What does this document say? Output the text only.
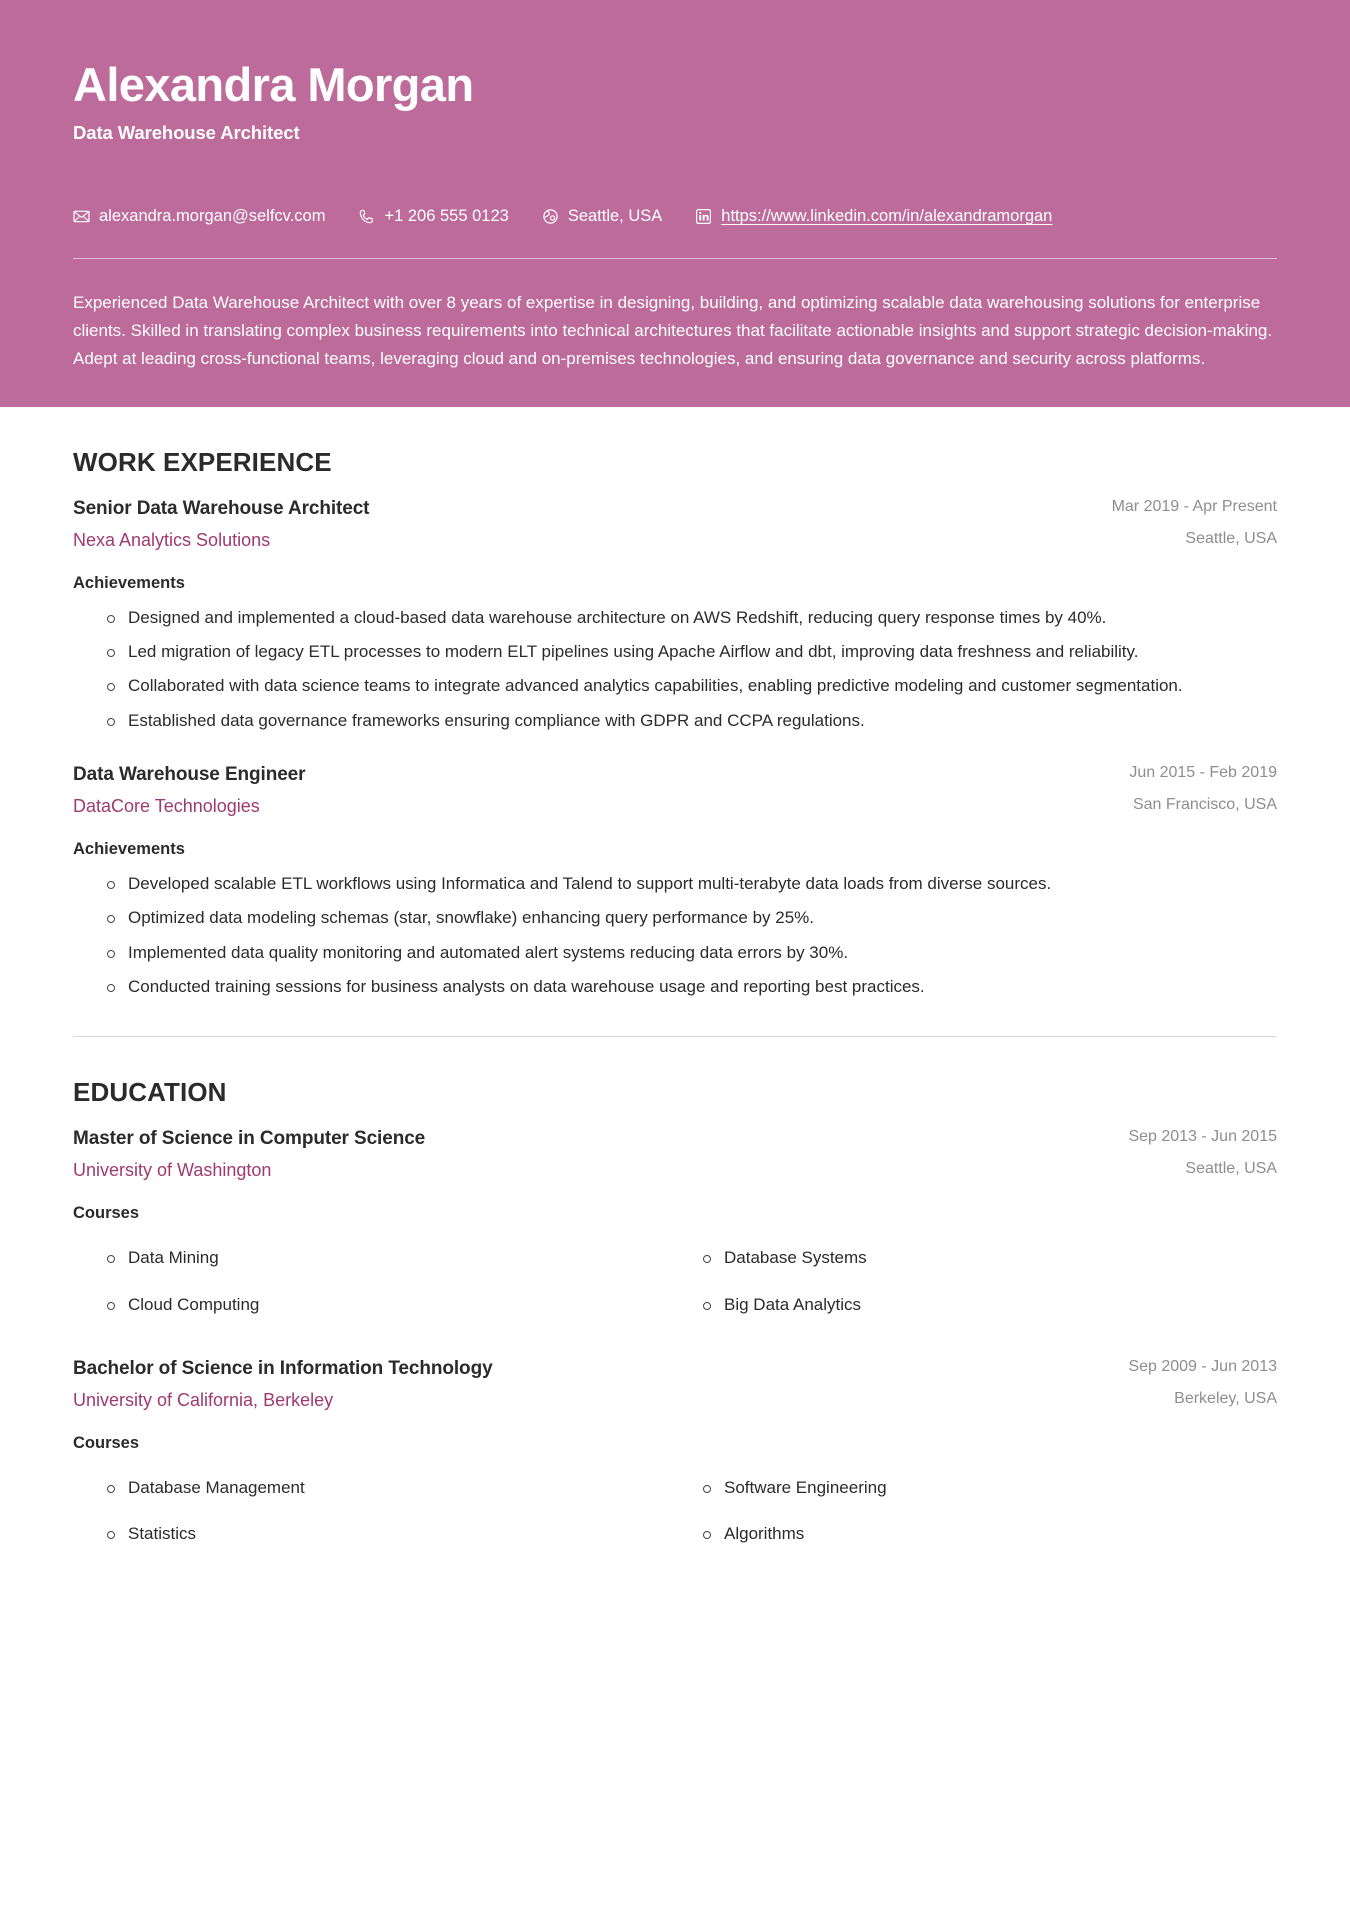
Alexandra Morgan
Data Warehouse Architect
alexandra.morgan@selfcv.com	+1 206 555 0123	Seattle, USA	https://www.linkedin.com/in/alexandramorgan

Experienced Data Warehouse Architect with over 8 years of expertise in designing, building, and optimizing scalable data warehousing solutions for enterprise clients. Skilled in translating complex business requirements into technical architectures that facilitate actionable insights and support strategic decision-making. Adept at leading cross-functional teams, leveraging cloud and on-premises technologies, and ensuring data governance and security across platforms.

WORK EXPERIENCE
Senior Data Warehouse Architect
Nexa Analytics Solutions
Mar 2019 - Apr Present
Seattle, USA
Achievements
Designed and implemented a cloud-based data warehouse architecture on AWS Redshift, reducing query response times by 40%.
Led migration of legacy ETL processes to modern ELT pipelines using Apache Airflow and dbt, improving data freshness and reliability.
Collaborated with data science teams to integrate advanced analytics capabilities, enabling predictive modeling and customer segmentation.
Established data governance frameworks ensuring compliance with GDPR and CCPA regulations.
Data Warehouse Engineer
DataCore Technologies
Jun 2015 - Feb 2019
San Francisco, USA
Achievements
Developed scalable ETL workflows using Informatica and Talend to support multi-terabyte data loads from diverse sources.
Optimized data modeling schemas (star, snowflake) enhancing query performance by 25%.
Implemented data quality monitoring and automated alert systems reducing data errors by 30%.
Conducted training sessions for business analysts on data warehouse usage and reporting best practices.
EDUCATION
Master of Science in Computer Science
University of Washington
Sep 2013 - Jun 2015
Seattle, USA
Courses
Data Mining	Database Systems
Cloud Computing	Big Data Analytics
Bachelor of Science in Information Technology
University of California, Berkeley
Sep 2009 - Jun 2013
Berkeley, USA
Courses
Database Management	Software Engineering
Statistics	Algorithms
